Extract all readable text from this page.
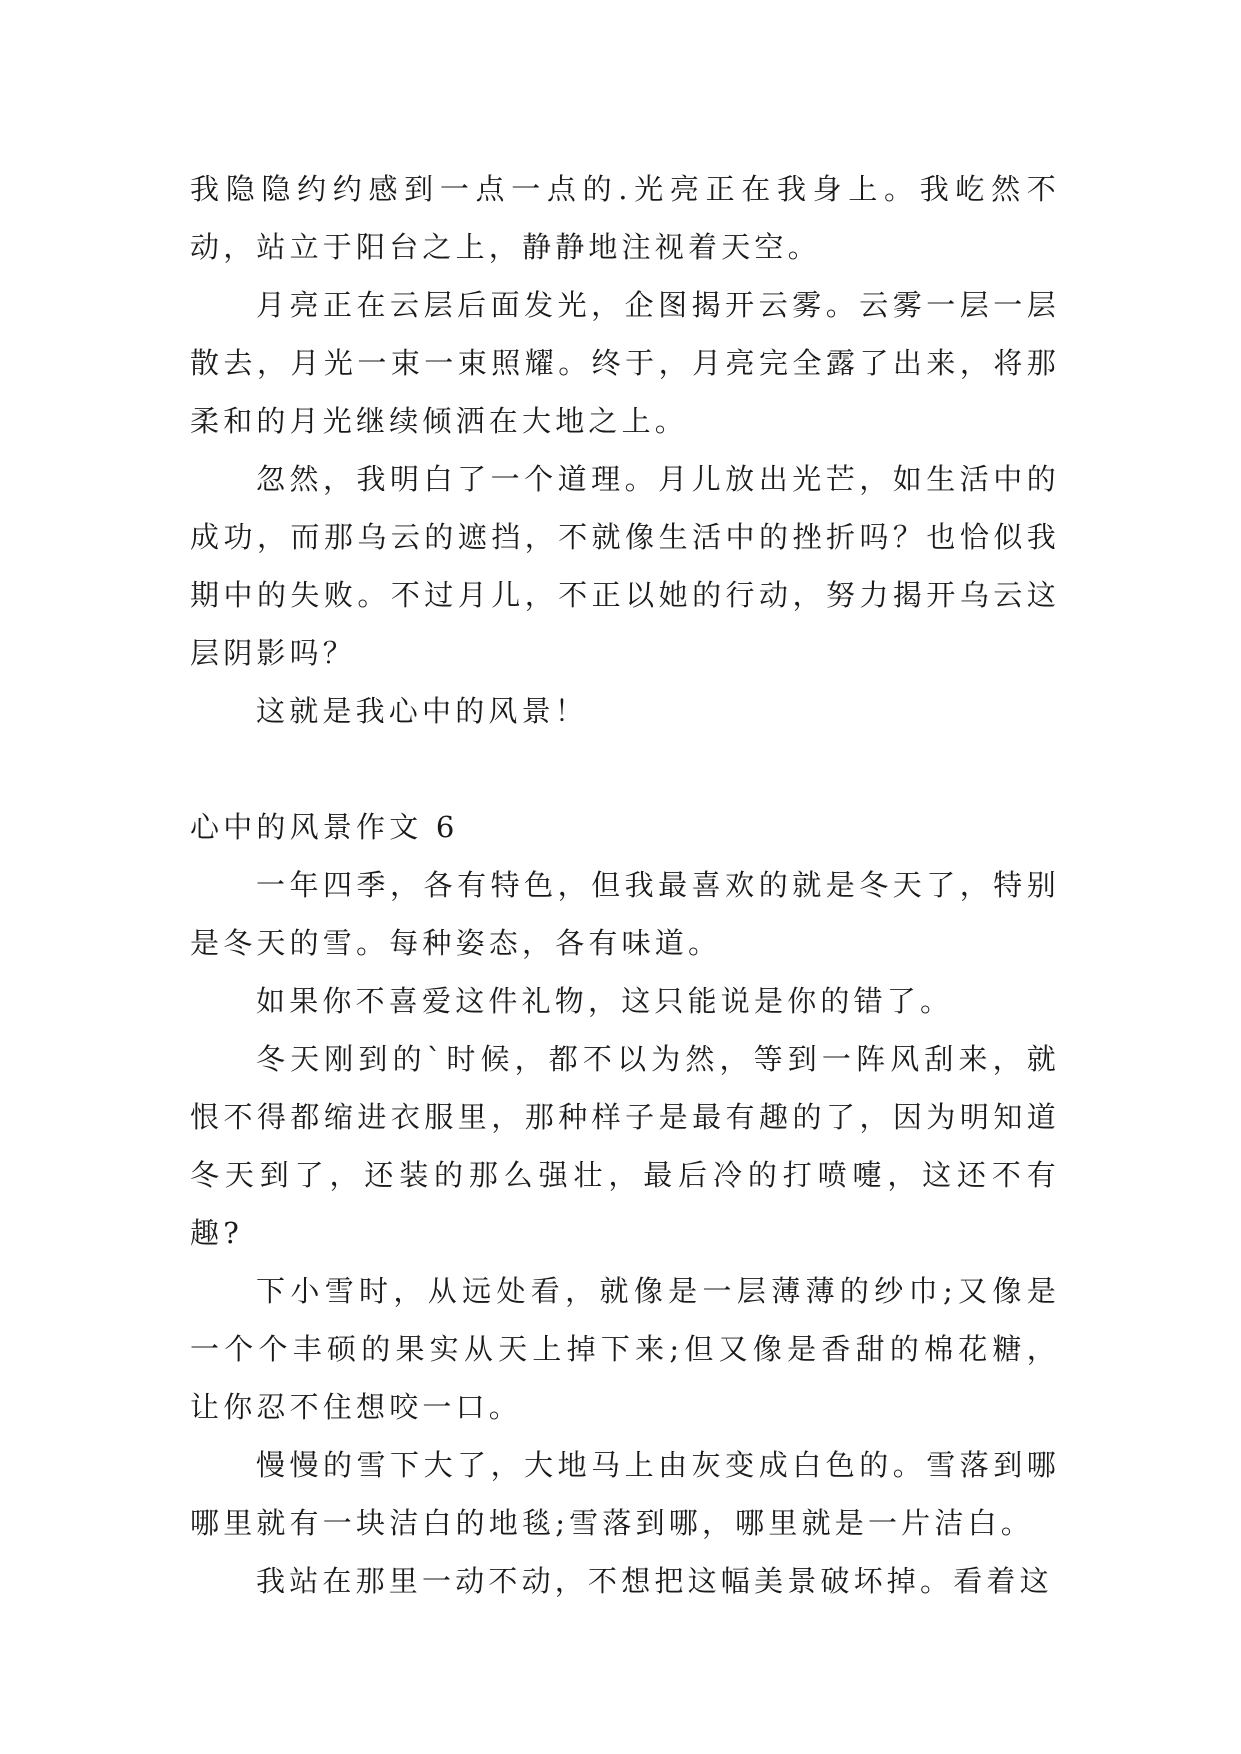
我隐隐约约感到一点一点的.光亮正在我身上。我屹然不动，站立于阳台之上，静静地注视着天空。

月亮正在云层后面发光，企图揭开云雾。云雾一层一层散去，月光一束一束照耀。终于，月亮完全露了出来，将那柔和的月光继续倾洒在大地之上。

忽然，我明白了一个道理。月儿放出光芒，如生活中的成功，而那乌云的遮挡，不就像生活中的挫折吗？也恰似我期中的失败。不过月儿，不正以她的行动，努力揭开乌云这层阴影吗？

这就是我心中的风景！

心中的风景作文 6

一年四季，各有特色，但我最喜欢的就是冬天了，特别是冬天的雪。每种姿态，各有味道。

如果你不喜爱这件礼物，这只能说是你的错了。

冬天刚到的`时候，都不以为然，等到一阵风刮来，就恨不得都缩进衣服里，那种样子是最有趣的了，因为明知道冬天到了，还装的那么强壮，最后冷的打喷嚏，这还不有趣?

下小雪时，从远处看，就像是一层薄薄的纱巾;又像是一个个丰硕的果实从天上掉下来;但又像是香甜的棉花糖，让你忍不住想咬一口。

慢慢的雪下大了，大地马上由灰变成白色的。雪落到哪哪里就有一块洁白的地毯;雪落到哪，哪里就是一片洁白。

我站在那里一动不动，不想把这幅美景破坏掉。看着这
